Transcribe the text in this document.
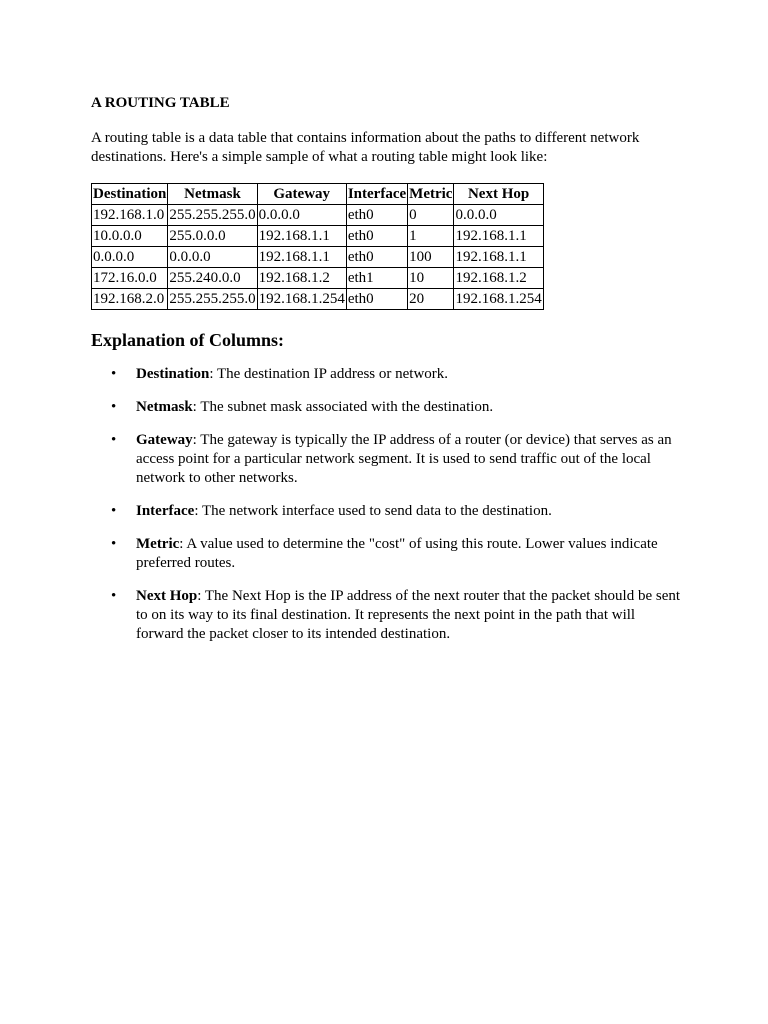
A ROUTING TABLE

A routing table is a data table that contains information about the paths to different network destinations. Here's a simple sample of what a routing table might look like:

Destination	Netmask	Gateway	Interface	Metric	Next Hop
192.168.1.0	255.255.255.0	0.0.0.0	eth0	0	0.0.0.0
10.0.0.0	255.0.0.0	192.168.1.1	eth0	1	192.168.1.1
0.0.0.0	0.0.0.0	192.168.1.1	eth0	100	192.168.1.1
172.16.0.0	255.240.0.0	192.168.1.2	eth1	10	192.168.1.2
192.168.2.0	255.255.255.0	192.168.1.254	eth0	20	192.168.1.254
Explanation of Columns:
• Destination: The destination IP address or network.
• Netmask: The subnet mask associated with the destination.
• Gateway: The gateway is typically the IP address of a router (or device) that serves as an access point for a particular network segment. It is used to send traffic out of the local network to other networks.
• Interface: The network interface used to send data to the destination.
• Metric: A value used to determine the "cost" of using this route. Lower values indicate preferred routes.
• Next Hop: The Next Hop is the IP address of the next router that the packet should be sent to on its way to its final destination. It represents the next point in the path that will forward the packet closer to its intended destination.
